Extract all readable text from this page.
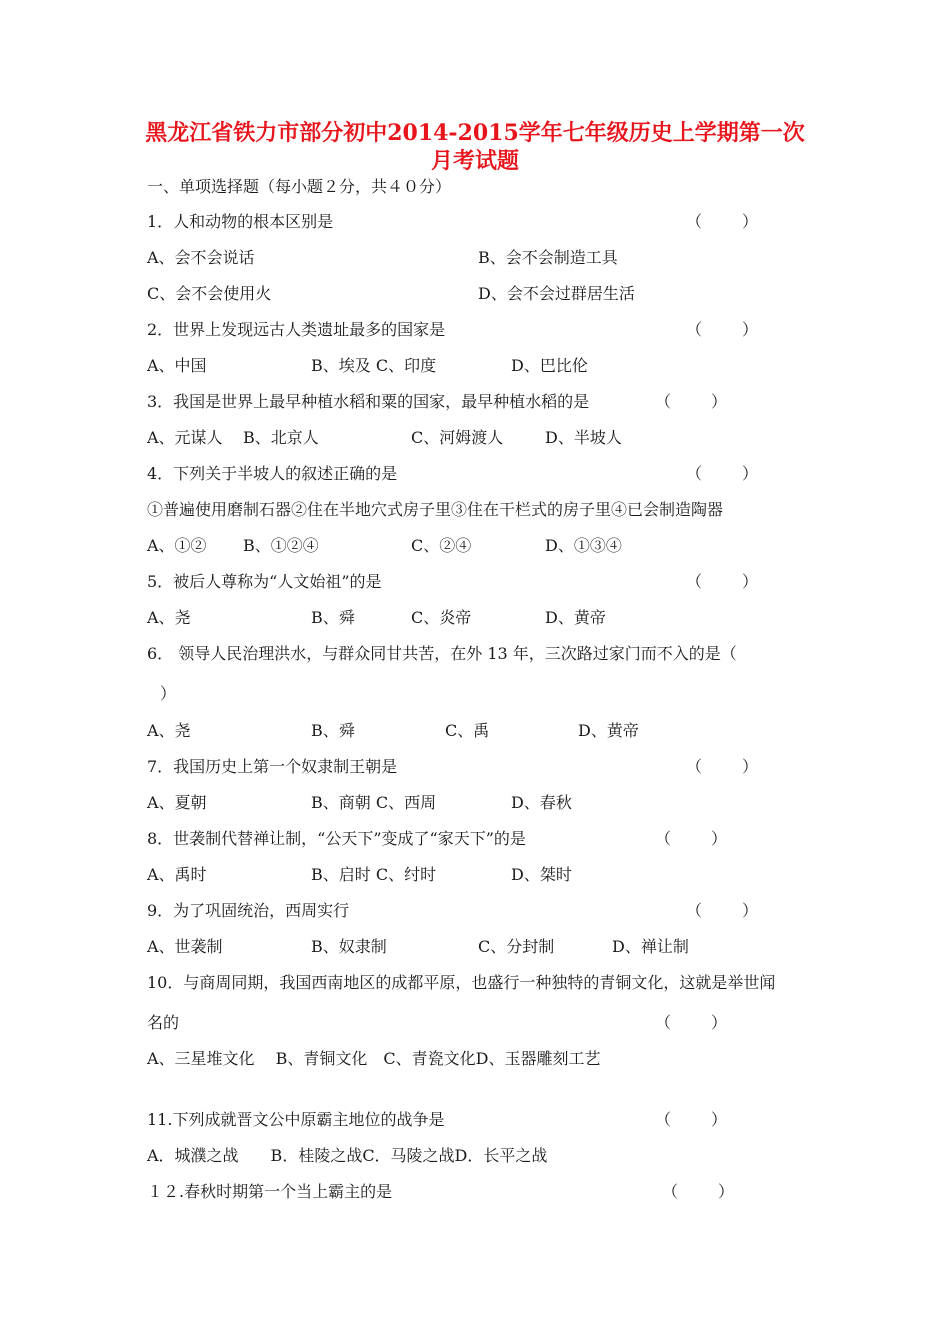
黑龙江省铁力市部分初中2014-2015学年七年级历史上学期第一次
月考试题
一、单项选择题（每小题２分，共４０分）
1．人和动物的根本区别是	（   ）
A、会不会说话	B、会不会制造工具
C、会不会使用火	D、会不会过群居生活
2．世界上发现远古人类遗址最多的国家是	（   ）
A、中国	B、埃及 C、印度	D、巴比伦
3．我国是世界上最早种植水稻和粟的国家，最早种植水稻的是	（   ）
A、元谋人 B、北京人	C、河姆渡人	D、半坡人
4．下列关于半坡人的叙述正确的是	（   ）
①普遍使用磨制石器②住在半地穴式房子里③住在干栏式的房子里④已会制造陶器
A、①② B、①②④	C、②④	D、①③④
5．被后人尊称为“人文始祖”的是	（   ）
A、尧	B、舜	C、炎帝	D、黄帝
6． 领导人民治理洪水，与群众同甘共苦，在外 13 年，三次路过家门而不入的是（
）
A、尧	B、舜	C、禹	D、黄帝
7．我国历史上第一个奴隶制王朝是	（   ）
A、夏朝	B、商朝 C、西周	D、春秋
8．世袭制代替禅让制，“公天下”变成了“家天下”的是	（   ）
A、禹时	B、启时 C、纣时	D、桀时
9．为了巩固统治，西周实行	（   ）
A、世袭制	B、奴隶制	C、分封制	D、禅让制
10．与商周同期，我国西南地区的成都平原，也盛行一种独特的青铜文化，这就是举世闻
名的	（   ）
A、三星堆文化　 B、青铜文化　C、青瓷文化D、玉器雕刻工艺
11.下列成就晋文公中原霸主地位的战争是	（   ）
A．城濮之战　　B．桂陵之战C．马陵之战D．长平之战
１２.春秋时期第一个当上霸主的是	（   ）
